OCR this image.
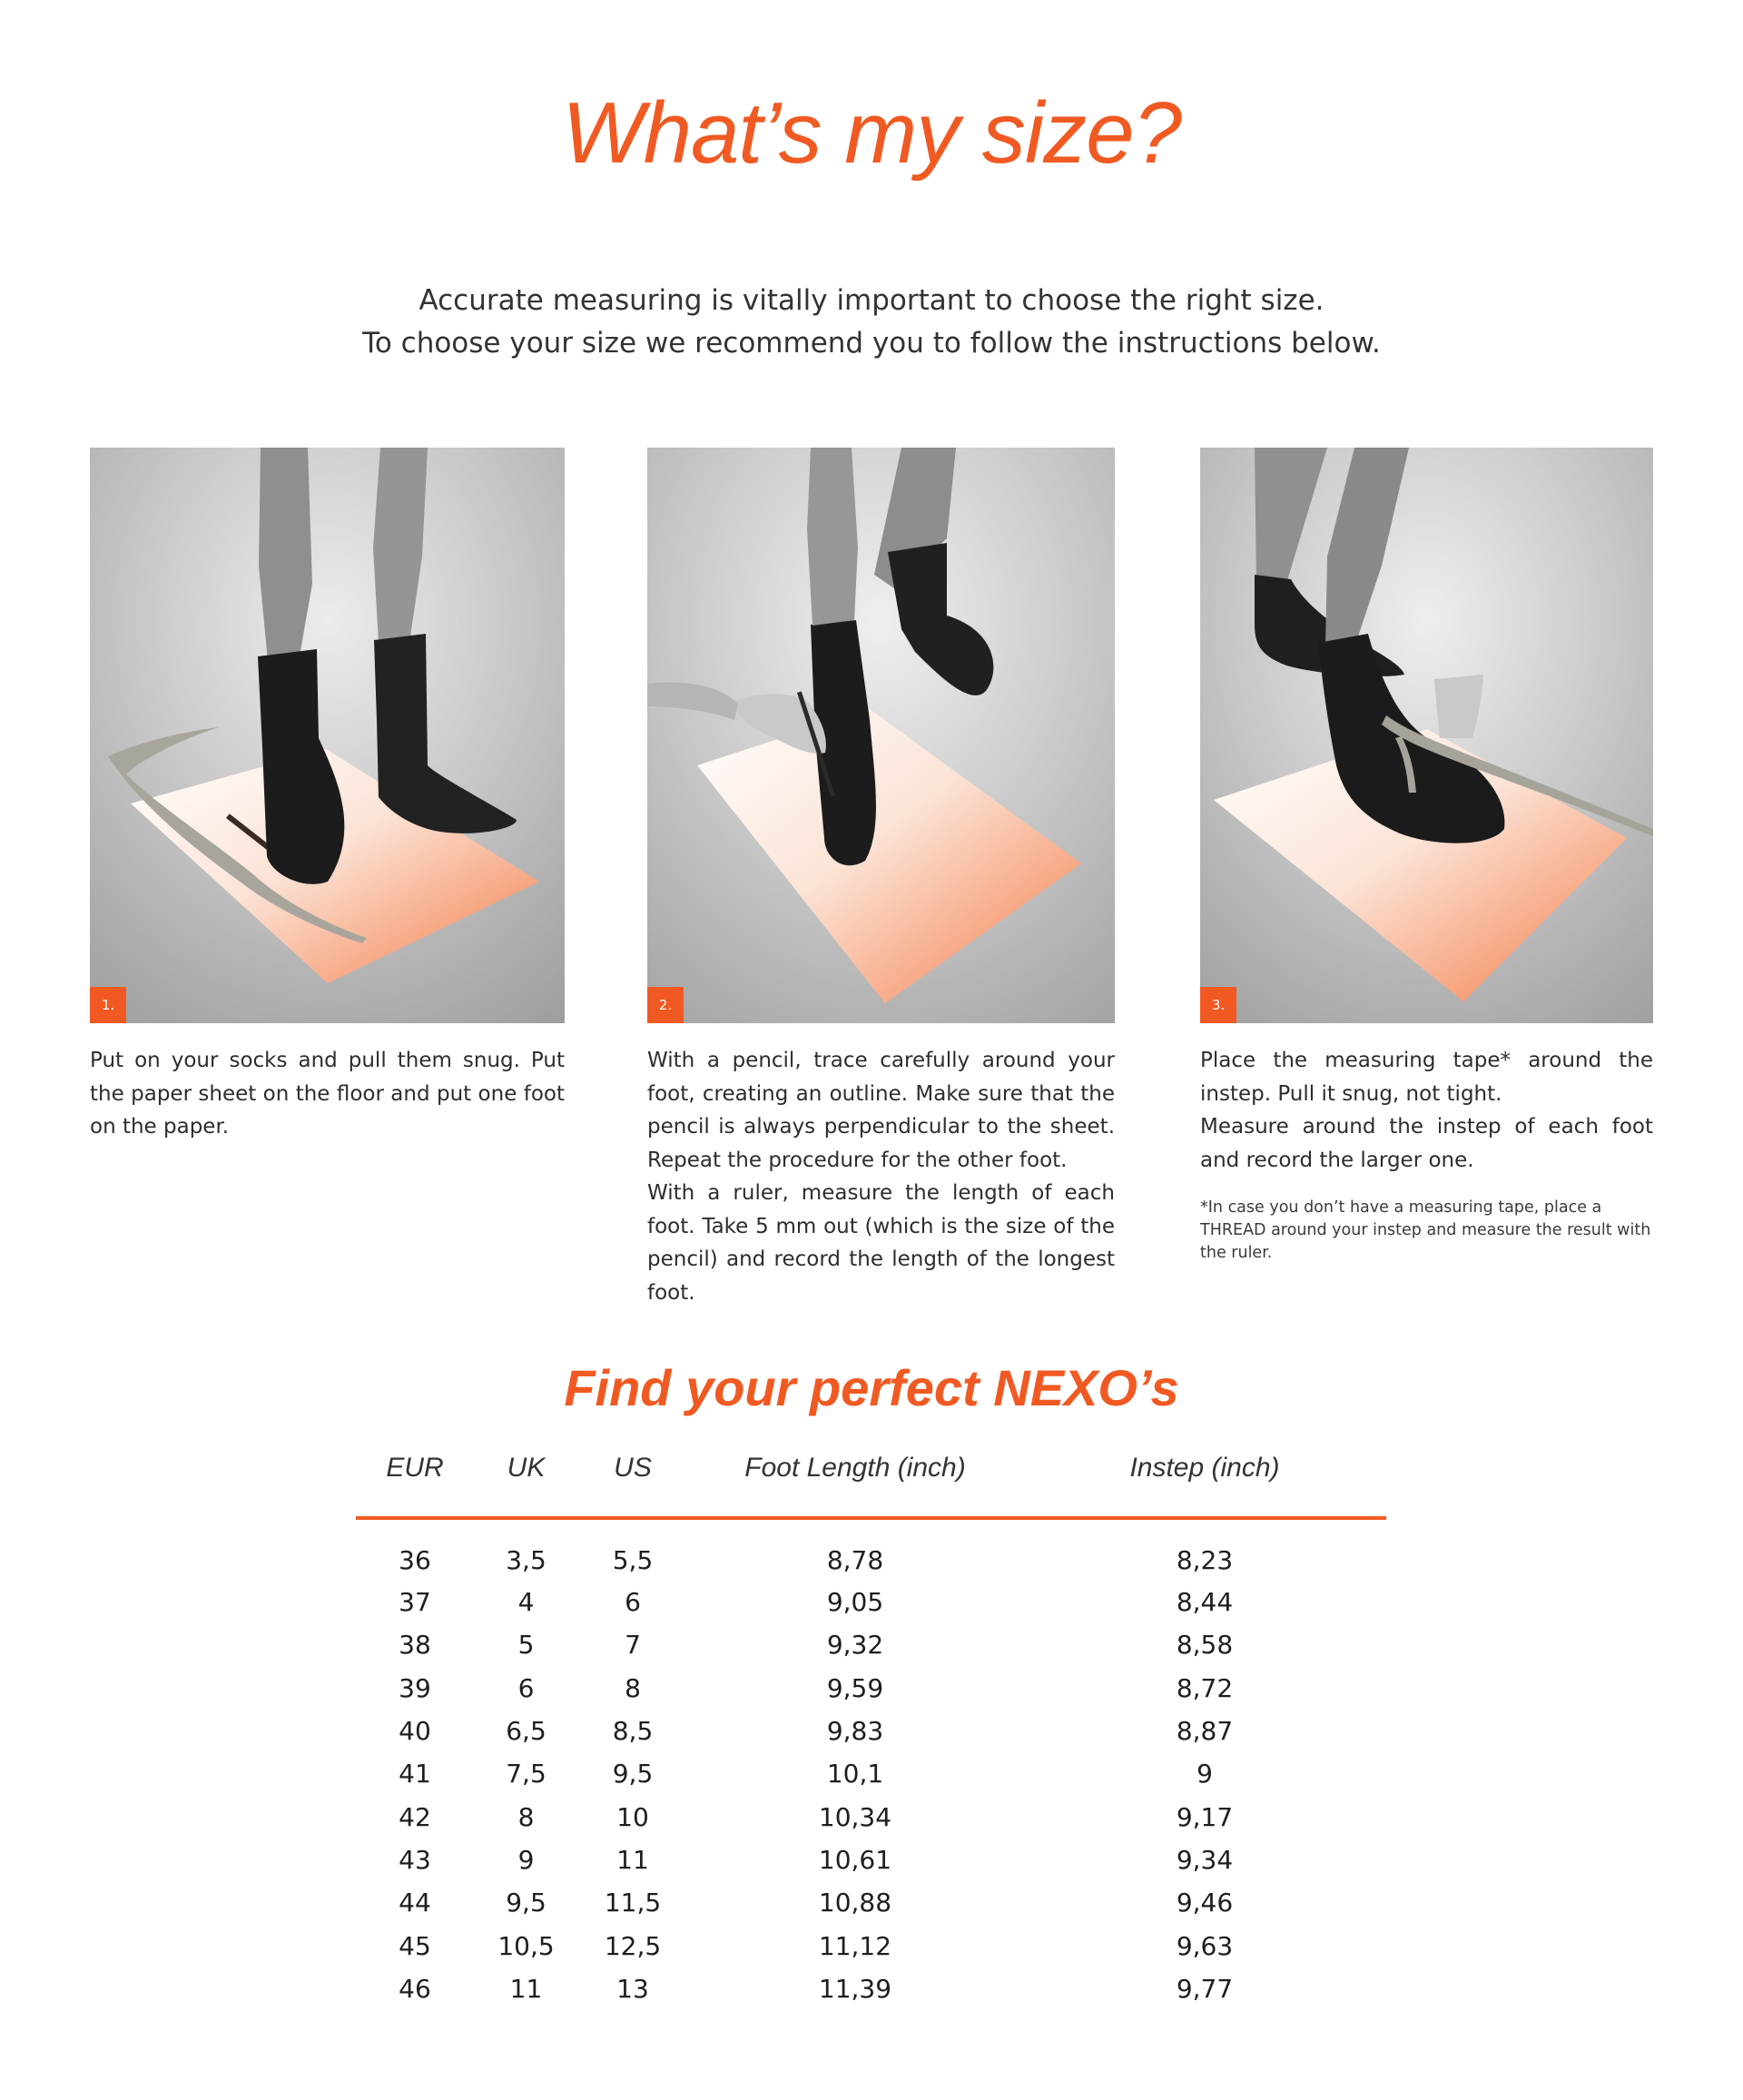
What’s my size?
Accurate measuring is vitally important to choose the right size.
To choose your size we recommend you to follow the instructions below.
1.

Put on your socks and pull them snug. Put the paper sheet on the floor and put one foot on the paper.

2.

With a pencil, trace carefully around your foot, creating an outline. Make sure that the pencil is always perpendicular to the sheet. Repeat the procedure for the other foot.

With a ruler, measure the length of each foot. Take 5 mm out (which is the size of the pencil) and record the length of the longest foot.

3.

Place the measuring tape* around the instep. Pull it snug, not tight.

Measure around the instep of each foot and record the larger one.

*In case you don’t have a measuring tape, place a THREAD around your instep and measure the result with the ruler.
Find your perfect NEXO’s
EUR	UK	US	Foot Length (inch)	Instep (inch)
36	3,5	5,5	8,78	8,23
37	4	6	9,05	8,44
38	5	7	9,32	8,58
39	6	8	9,59	8,72
40	6,5	8,5	9,83	8,87
41	7,5	9,5	10,1	9
42	8	10	10,34	9,17
43	9	11	10,61	9,34
44	9,5	11,5	10,88	9,46
45	10,5	12,5	11,12	9,63
46	11	13	11,39	9,77
